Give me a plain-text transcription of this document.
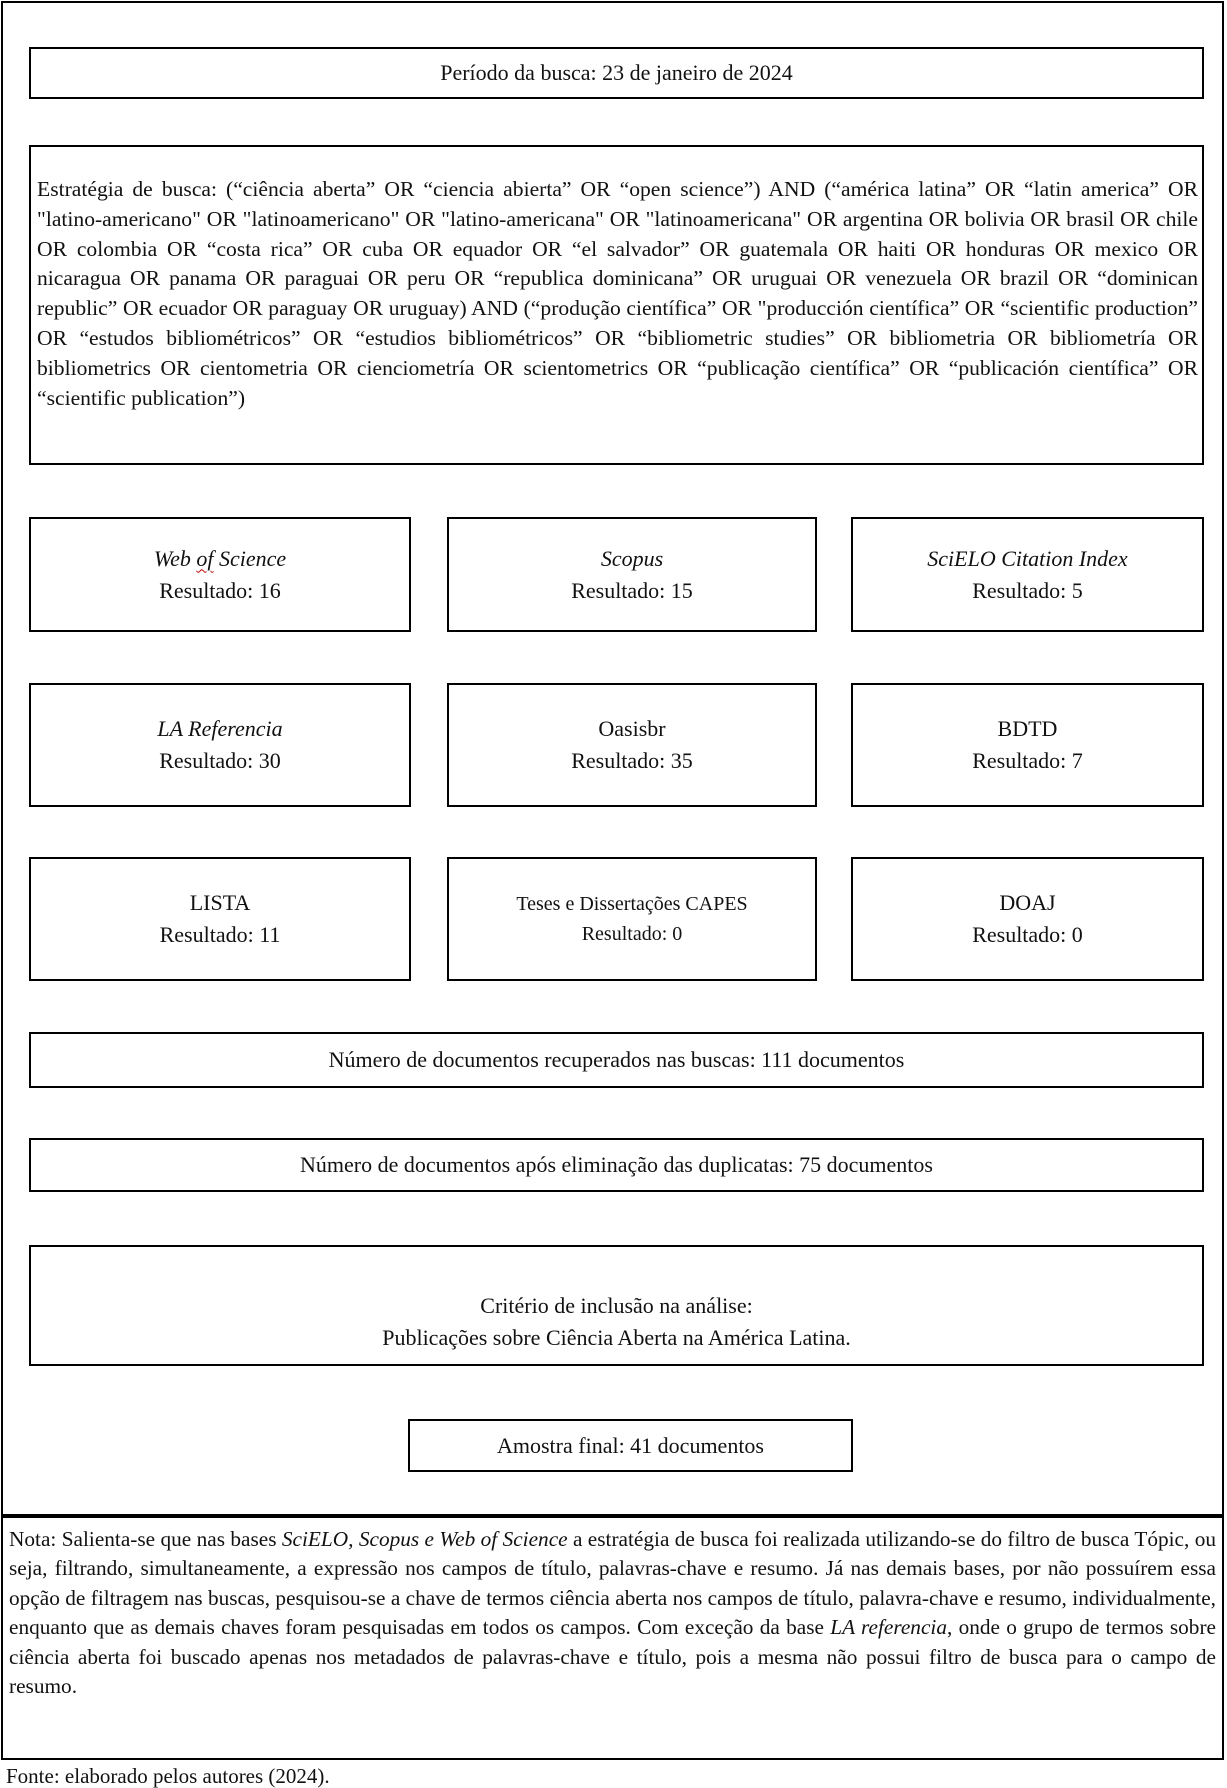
Período da busca: 23 de janeiro de 2024
Estratégia de busca: (“ciência aberta” OR “ciencia abierta” OR “open science”) AND (“américa latina” OR “latin america” OR "latino-americano" OR "latinoamericano" OR "latino-americana" OR "latinoamericana" OR argentina OR bolivia OR brasil OR chile OR colombia OR “costa rica” OR cuba OR equador OR “el salvador” OR guatemala OR haiti OR honduras OR mexico OR nicaragua OR panama OR paraguai OR peru OR “republica dominicana” OR uruguai OR venezuela OR brazil OR “dominican republic” OR ecuador OR paraguay OR uruguay) AND (“produção científica” OR "producción científica” OR “scientific production” OR “estudos bibliométricos” OR “estudios bibliométricos” OR “bibliometric studies” OR bibliometria OR bibliometría OR bibliometrics OR cientometria OR cienciometría OR scientometrics OR “publicação científica” OR “publicación científica” OR “scientific publication”)
Web of Science
Resultado: 16
Scopus
Resultado: 15
SciELO Citation Index
Resultado: 5
LA Referencia
Resultado: 30
Oasisbr
Resultado: 35
BDTD
Resultado: 7
LISTA
Resultado: 11
Teses e Dissertações CAPES
Resultado: 0
DOAJ
Resultado: 0
Número de documentos recuperados nas buscas: 111 documentos
Número de documentos após eliminação das duplicatas: 75 documentos
Critério de inclusão na análise:
Publicações sobre Ciência Aberta na América Latina.
Amostra final: 41 documentos
Nota: Salienta-se que nas bases SciELO, Scopus e Web of Science a estratégia de busca foi realizada utilizando-se do filtro de busca Tópic, ou seja, filtrando, simultaneamente, a expressão nos campos de título, palavras-chave e resumo. Já nas demais bases, por não possuírem essa opção de filtragem nas buscas, pesquisou-se a chave de termos ciência aberta nos campos de título, palavra-chave e resumo, individualmente, enquanto que as demais chaves foram pesquisadas em todos os campos. Com exceção da base LA referencia, onde o grupo de termos sobre ciência aberta foi buscado apenas nos metadados de palavras-chave e título, pois a mesma não possui filtro de busca para o campo de resumo.
Fonte: elaborado pelos autores (2024).
